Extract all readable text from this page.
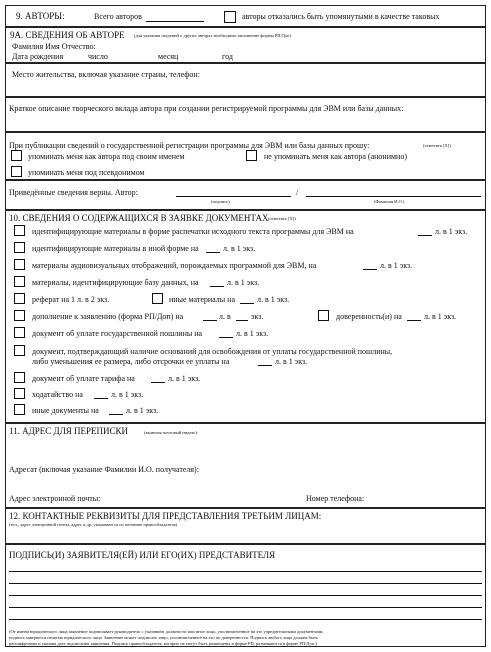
9. АВТОРЫ:	Всего авторов	авторы отказались быть упомянутыми в качестве таковых
9А. СВЕДЕНИЯ ОБ АВТОРЕ (для указания сведений о других авторах необходимо заполнение формы РП/Доп)
Фамилия Имя Отчество:
Дата рождения	число	месяц	год
Место жительства, включая указание страны, телефон:
Краткое описание творческого вклада автора при создании регистрируемой программы для ЭВМ или базы данных:
При публикации сведений о государственной регистрации программы для ЭВМ или базы данных прошу:	(отметить [X])
упоминать меня как автора под своим именем	не упоминать меня как автора (анонимно)
упоминать меня под псевдонимом
Приведённые сведения верны. Автор:	/
(подпись)	(Фамилия И.О.)
10. СВЕДЕНИЯ О СОДЕРЖАЩИХСЯ В ЗАЯВКЕ ДОКУМЕНТАХ (отметить [X])
идентифицирующие материалы в форме распечатки исходного текста программы для ЭВМ на	л. в 1 экз.
идентифицирующие материалы в иной форме на	л. в 1 экз.
материалы аудиовизуальных отображений, порождаемых программой для ЭВМ, на	л. в 1 экз.
материалы, идентифицирующие базу данных, на	л. в 1 экз.
реферат на 1 л. в 2 экз.	иные материалы на	л. в 1 экз.
дополнение к заявлению (форма РП/Доп) на	л. в	экз.	доверенность(и) на	л. в 1 экз.
документ об уплате государственной пошлины на	л. в 1 экз.
документ, подтверждающий наличие оснований для освобождения от уплаты государственной пошлины,
либо уменьшения ее размера, либо отсрочки ее уплаты на	л. в 1 экз.
документ об уплате тарифа на	л. в 1 экз.
ходатайство на	л. в 1 экз.
иные документы на	л. в 1 экз.
11. АДРЕС ДЛЯ ПЕРЕПИСКИ	(включая почтовый индекс):
Адресат (включая указание Фамилии И.О. получателя):
Адрес электронной почты:	Номер телефона:
12. КОНТАКТНЫЕ РЕКВИЗИТЫ ДЛЯ ПРЕДСТАВЛЕНИЯ ТРЕТЬИМ ЛИЦАМ:
(тел., адрес электронной почты, адрес и др. указываются по желанию правообладателя)
ПОДПИСЬ(И) ЗАЯВИТЕЛЯ(ЕЙ) ИЛИ ЕГО(ИХ) ПРЕДСТАВИТЕЛЯ
(От имени юридического лица заявление подписывает руководитель с указанием должности или иное лицо, уполномоченное на это учредительными документами,
подпись заверяется печатью юридического лица. Заявление может подписать лицо, уполномоченное на это по доверенности. Подпись любого лица должна быть
расшифрована и указана дата подписания заявления. Подпись правообладателя, которые не могут быть размещены в форме РП, размещаются в форме РП/Доп.)
